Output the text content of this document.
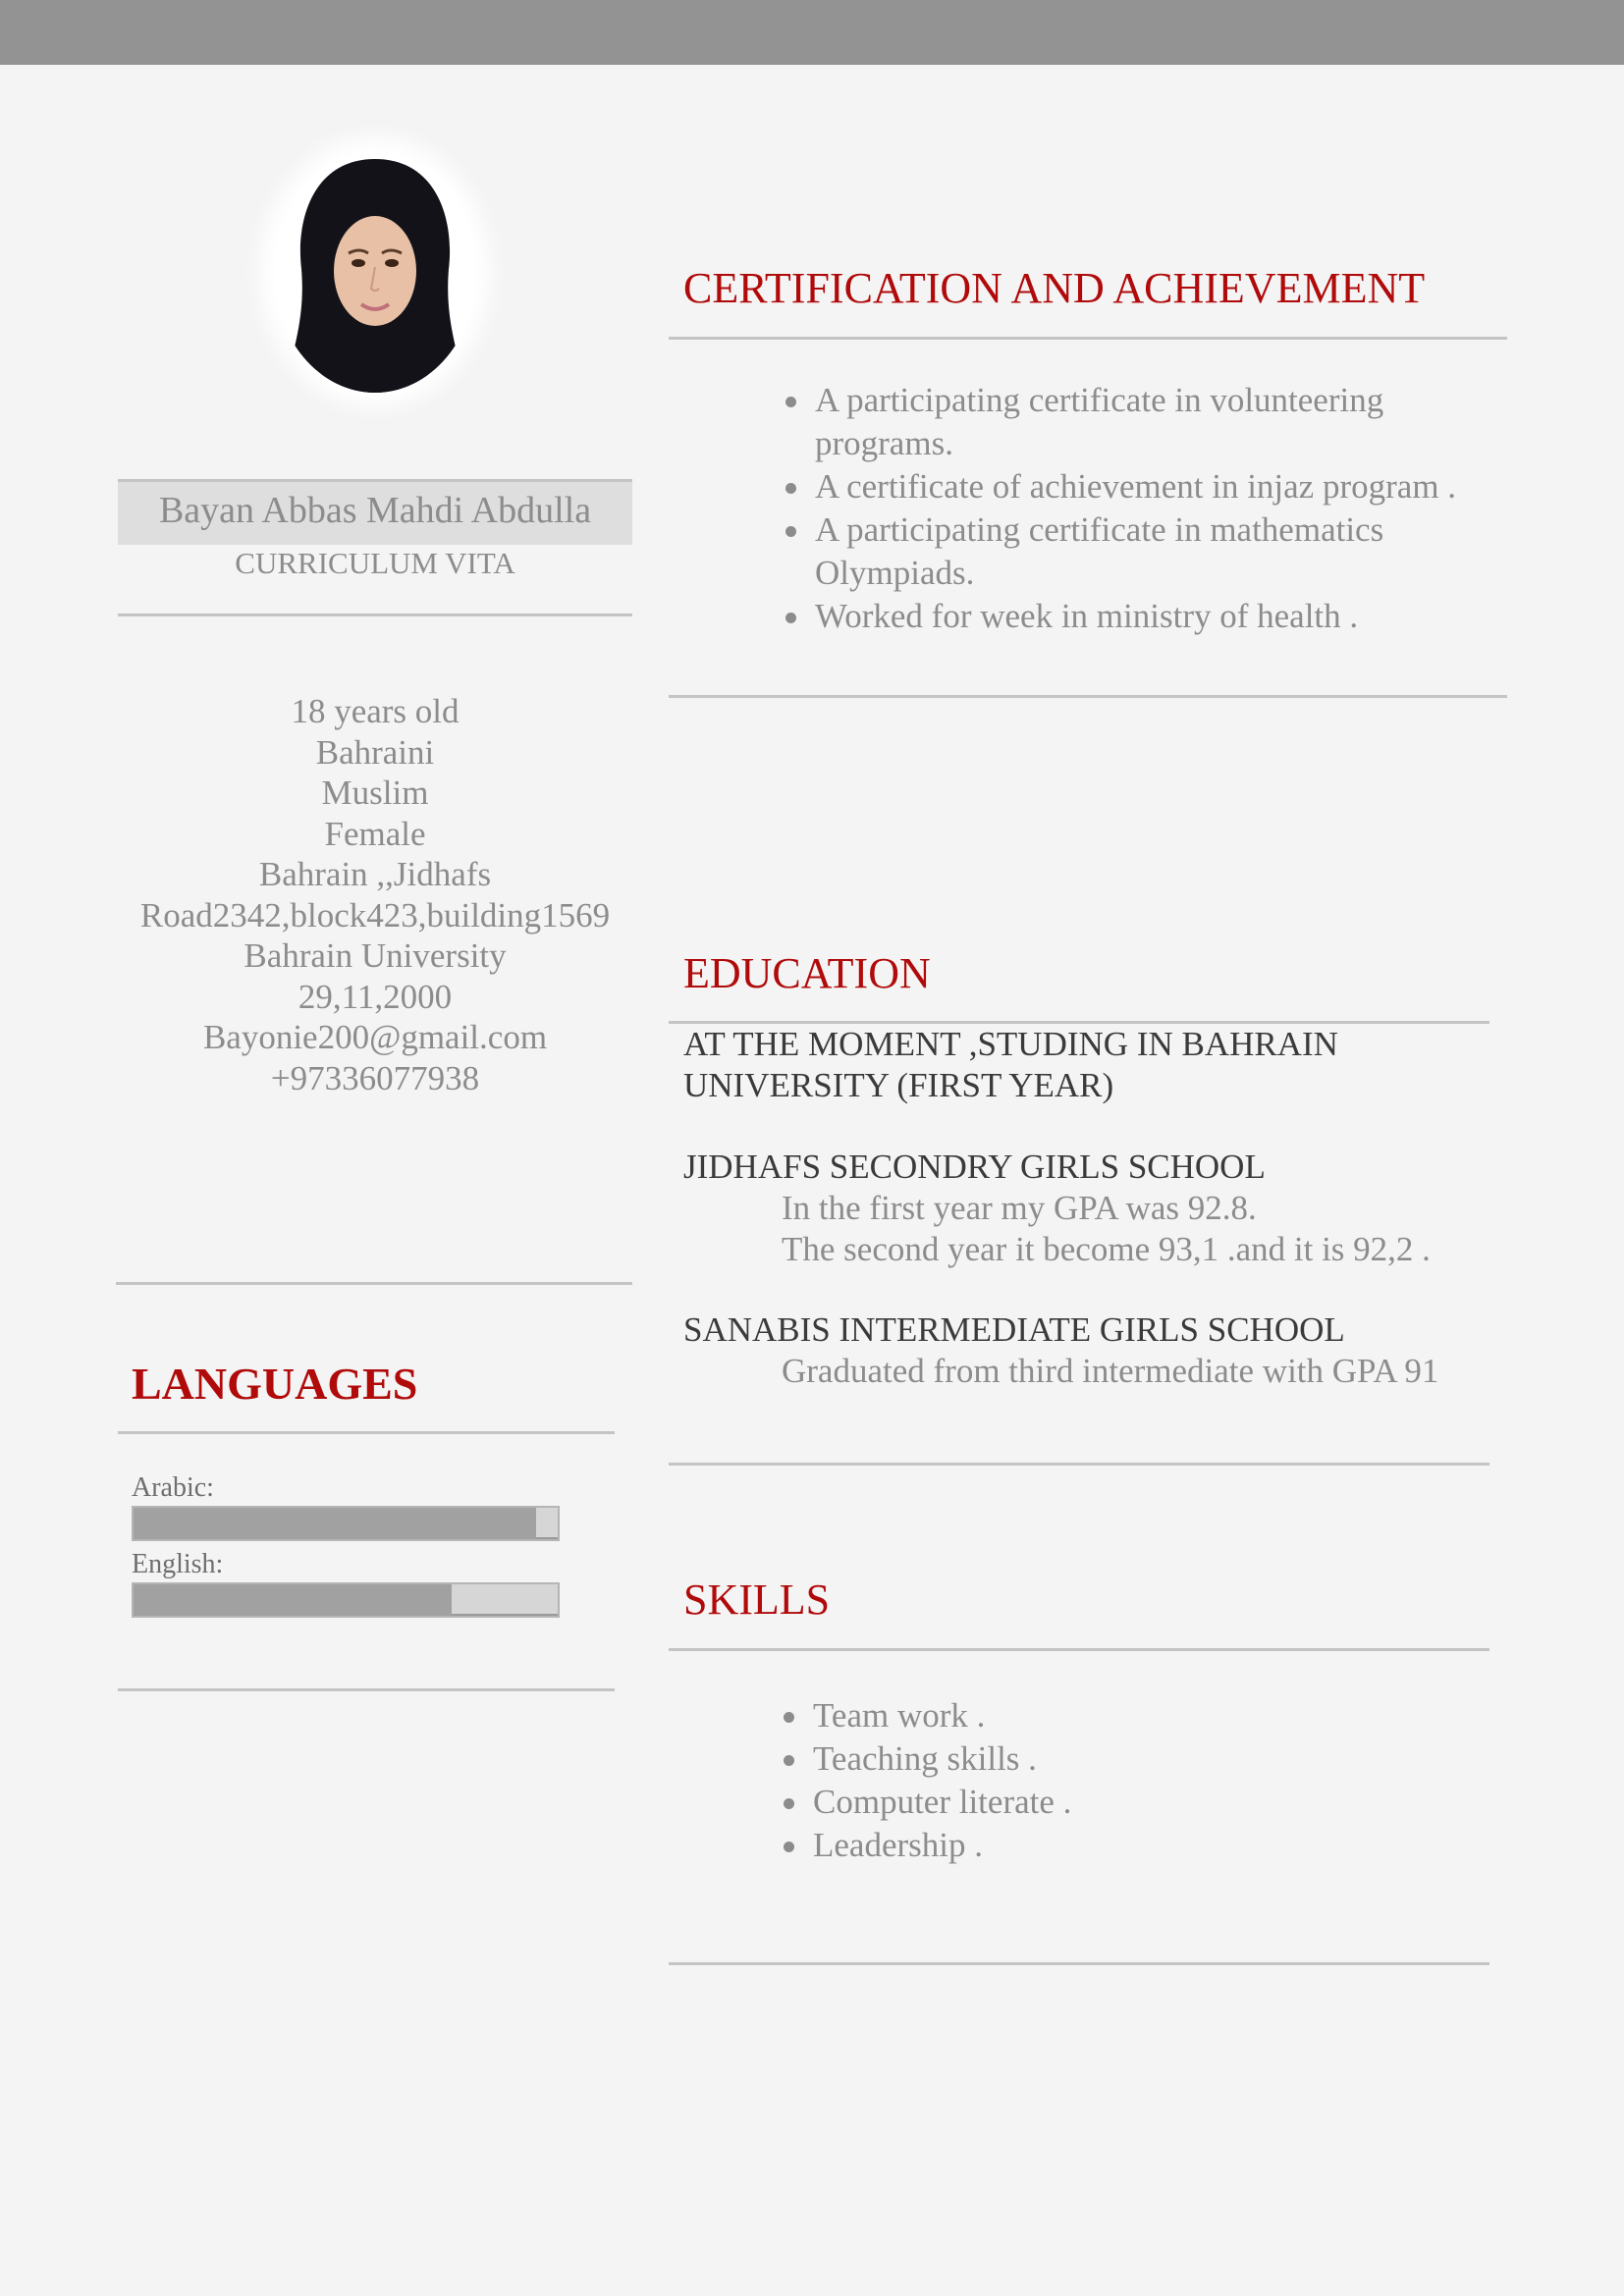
Bayan Abbas Mahdi Abdulla
CURRICULUM VITA
18 years old
Bahraini
Muslim
Female
Bahrain ,,Jidhafs
Road2342,block423,building1569
Bahrain University
29,11,2000
Bayonie200@gmail.com
+97336077938
LANGUAGES
Arabic:
English:
CERTIFICATION AND ACHIEVEMENT
A participating certificate in volunteering programs.
A certificate of achievement in injaz program .
A participating certificate in mathematics Olympiads.
Worked for week in ministry of health .
EDUCATION
AT THE MOMENT ,STUDING IN BAHRAIN UNIVERSITY (FIRST YEAR)
JIDHAFS SECONDRY GIRLS SCHOOL
In the first year my GPA was 92.8.
The second year it become 93,1 .and it is 92,2 .
SANABIS INTERMEDIATE GIRLS SCHOOL
Graduated from third intermediate with GPA 91
SKILLS
Team work .
Teaching skills .
Computer literate .
Leadership .
